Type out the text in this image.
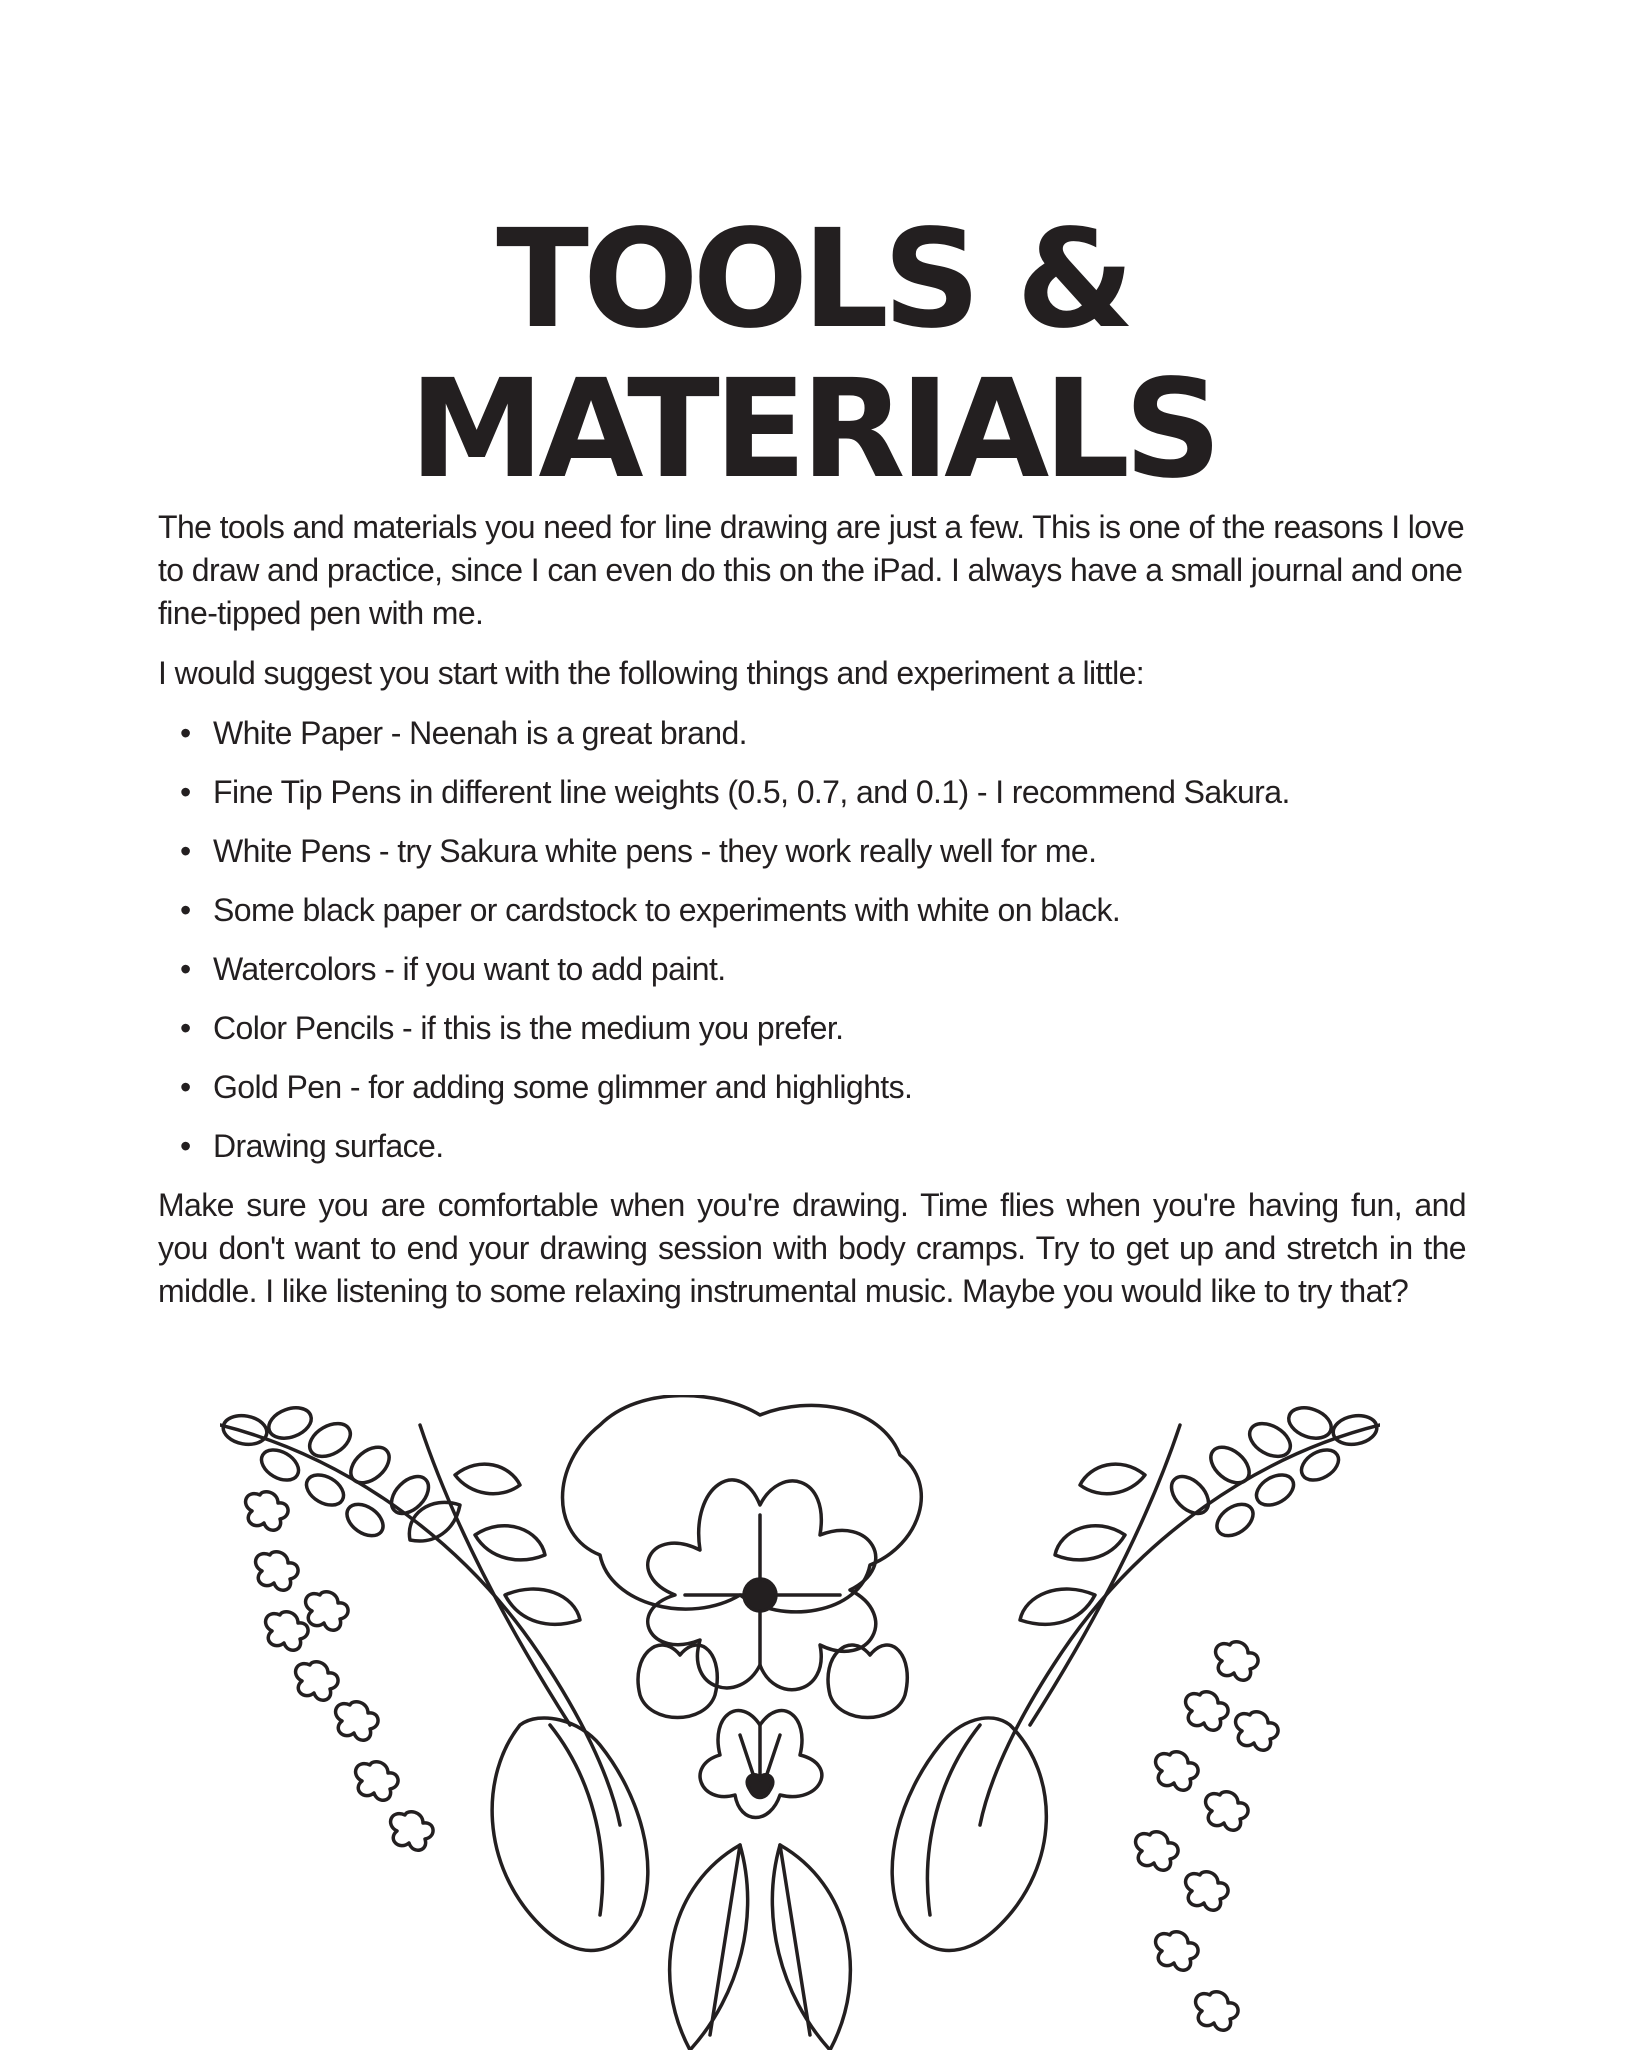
TOOLS &
MATERIALS

The tools and materials you need for line drawing are just a few. This is one of the reasons I love to draw and practice, since I can even do this on the iPad. I always have a small journal and one fine-tipped pen with me.

I would suggest you start with the following things and experiment a little:

• White Paper - Neenah is a great brand.
• Fine Tip Pens in different line weights (0.5, 0.7, and 0.1) - I recommend Sakura.
• White Pens - try Sakura white pens - they work really well for me.
• Some black paper or cardstock to experiments with white on black.
• Watercolors - if you want to add paint.
• Color Pencils - if this is the medium you prefer.
• Gold Pen - for adding some glimmer and highlights.
• Drawing surface.

Make sure you are comfortable when you're drawing. Time flies when you're having fun, and you don't want to end your drawing session with body cramps. Try to get up and stretch in the middle. I like listening to some relaxing instrumental music. Maybe you would like to try that?
